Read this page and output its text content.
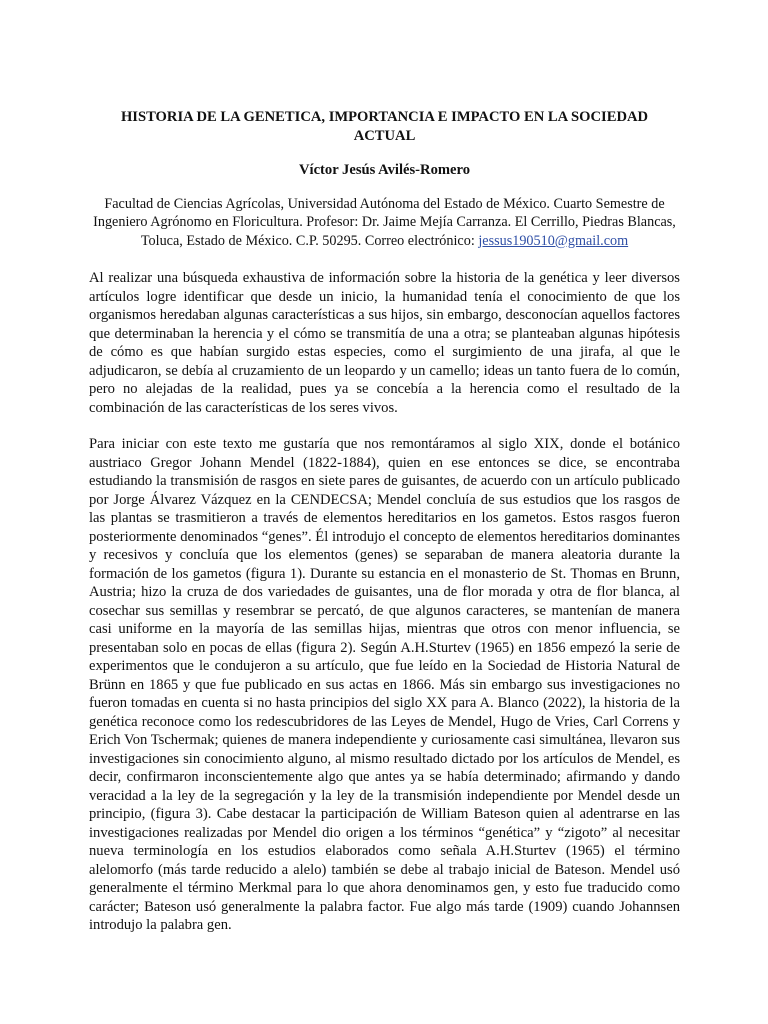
HISTORIA DE LA GENETICA, IMPORTANCIA E IMPACTO EN LA SOCIEDAD ACTUAL

Víctor Jesús Avilés-Romero

Facultad de Ciencias Agrícolas, Universidad Autónoma del Estado de México. Cuarto Semestre de Ingeniero Agrónomo en Floricultura. Profesor: Dr. Jaime Mejía Carranza. El Cerrillo, Piedras Blancas, Toluca, Estado de México. C.P. 50295. Correo electrónico: jessus190510@gmail.com

Al realizar una búsqueda exhaustiva de información sobre la historia de la genética y leer diversos artículos logre identificar que desde un inicio, la humanidad tenía el conocimiento de que los organismos heredaban algunas características a sus hijos, sin embargo, desconocían aquellos factores que determinaban la herencia y el cómo se transmitía de una a otra; se planteaban algunas hipótesis de cómo es que habían surgido estas especies, como el surgimiento de una jirafa, al que le adjudicaron, se debía al cruzamiento de un leopardo y un camello; ideas un tanto fuera de lo común, pero no alejadas de la realidad, pues ya se concebía a la herencia como el resultado de la combinación de las características de los seres vivos.

Para iniciar con este texto me gustaría que nos remontáramos al siglo XIX, donde el botánico austriaco Gregor Johann Mendel (1822-1884), quien en ese entonces se dice, se encontraba estudiando la transmisión de rasgos en siete pares de guisantes, de acuerdo con un artículo publicado por Jorge Álvarez Vázquez en la CENDECSA; Mendel concluía de sus estudios que los rasgos de las plantas se trasmitieron a través de elementos hereditarios en los gametos. Estos rasgos fueron posteriormente denominados “genes”. Él introdujo el concepto de elementos hereditarios dominantes y recesivos y concluía que los elementos (genes) se separaban de manera aleatoria durante la formación de los gametos (figura 1). Durante su estancia en el monasterio de St. Thomas en Brunn, Austria; hizo la cruza de dos variedades de guisantes, una de flor morada y otra de flor blanca, al cosechar sus semillas y resembrar se percató, de que algunos caracteres, se mantenían de manera casi uniforme en la mayoría de las semillas hijas, mientras que otros con menor influencia, se presentaban solo en pocas de ellas (figura 2). Según A.H.Sturtev (1965) en 1856 empezó la serie de experimentos que le condujeron a su artículo, que fue leído en la Sociedad de Historia Natural de Brünn en 1865 y que fue publicado en sus actas en 1866. Más sin embargo sus investigaciones no fueron tomadas en cuenta si no hasta principios del siglo XX para A. Blanco (2022), la historia de la genética reconoce como los redescubridores de las Leyes de Mendel, Hugo de Vries, Carl Correns y Erich Von Tschermak; quienes de manera independiente y curiosamente casi simultánea, llevaron sus investigaciones sin conocimiento alguno, al mismo resultado dictado por los artículos de Mendel, es decir, confirmaron inconscientemente algo que antes ya se había determinado; afirmando y dando veracidad a la ley de la segregación y la ley de la transmisión independiente por Mendel desde un principio, (figura 3). Cabe destacar la participación de William Bateson quien al adentrarse en las investigaciones realizadas por Mendel dio origen a los términos “genética” y “zigoto” al necesitar nueva terminología en los estudios elaborados como señala A.H.Sturtev (1965) el término alelomorfo (más tarde reducido a alelo) también se debe al trabajo inicial de Bateson. Mendel usó generalmente el término Merkmal para lo que ahora denominamos gen, y esto fue traducido como carácter; Bateson usó generalmente la palabra factor. Fue algo más tarde (1909) cuando Johannsen introdujo la palabra gen.
